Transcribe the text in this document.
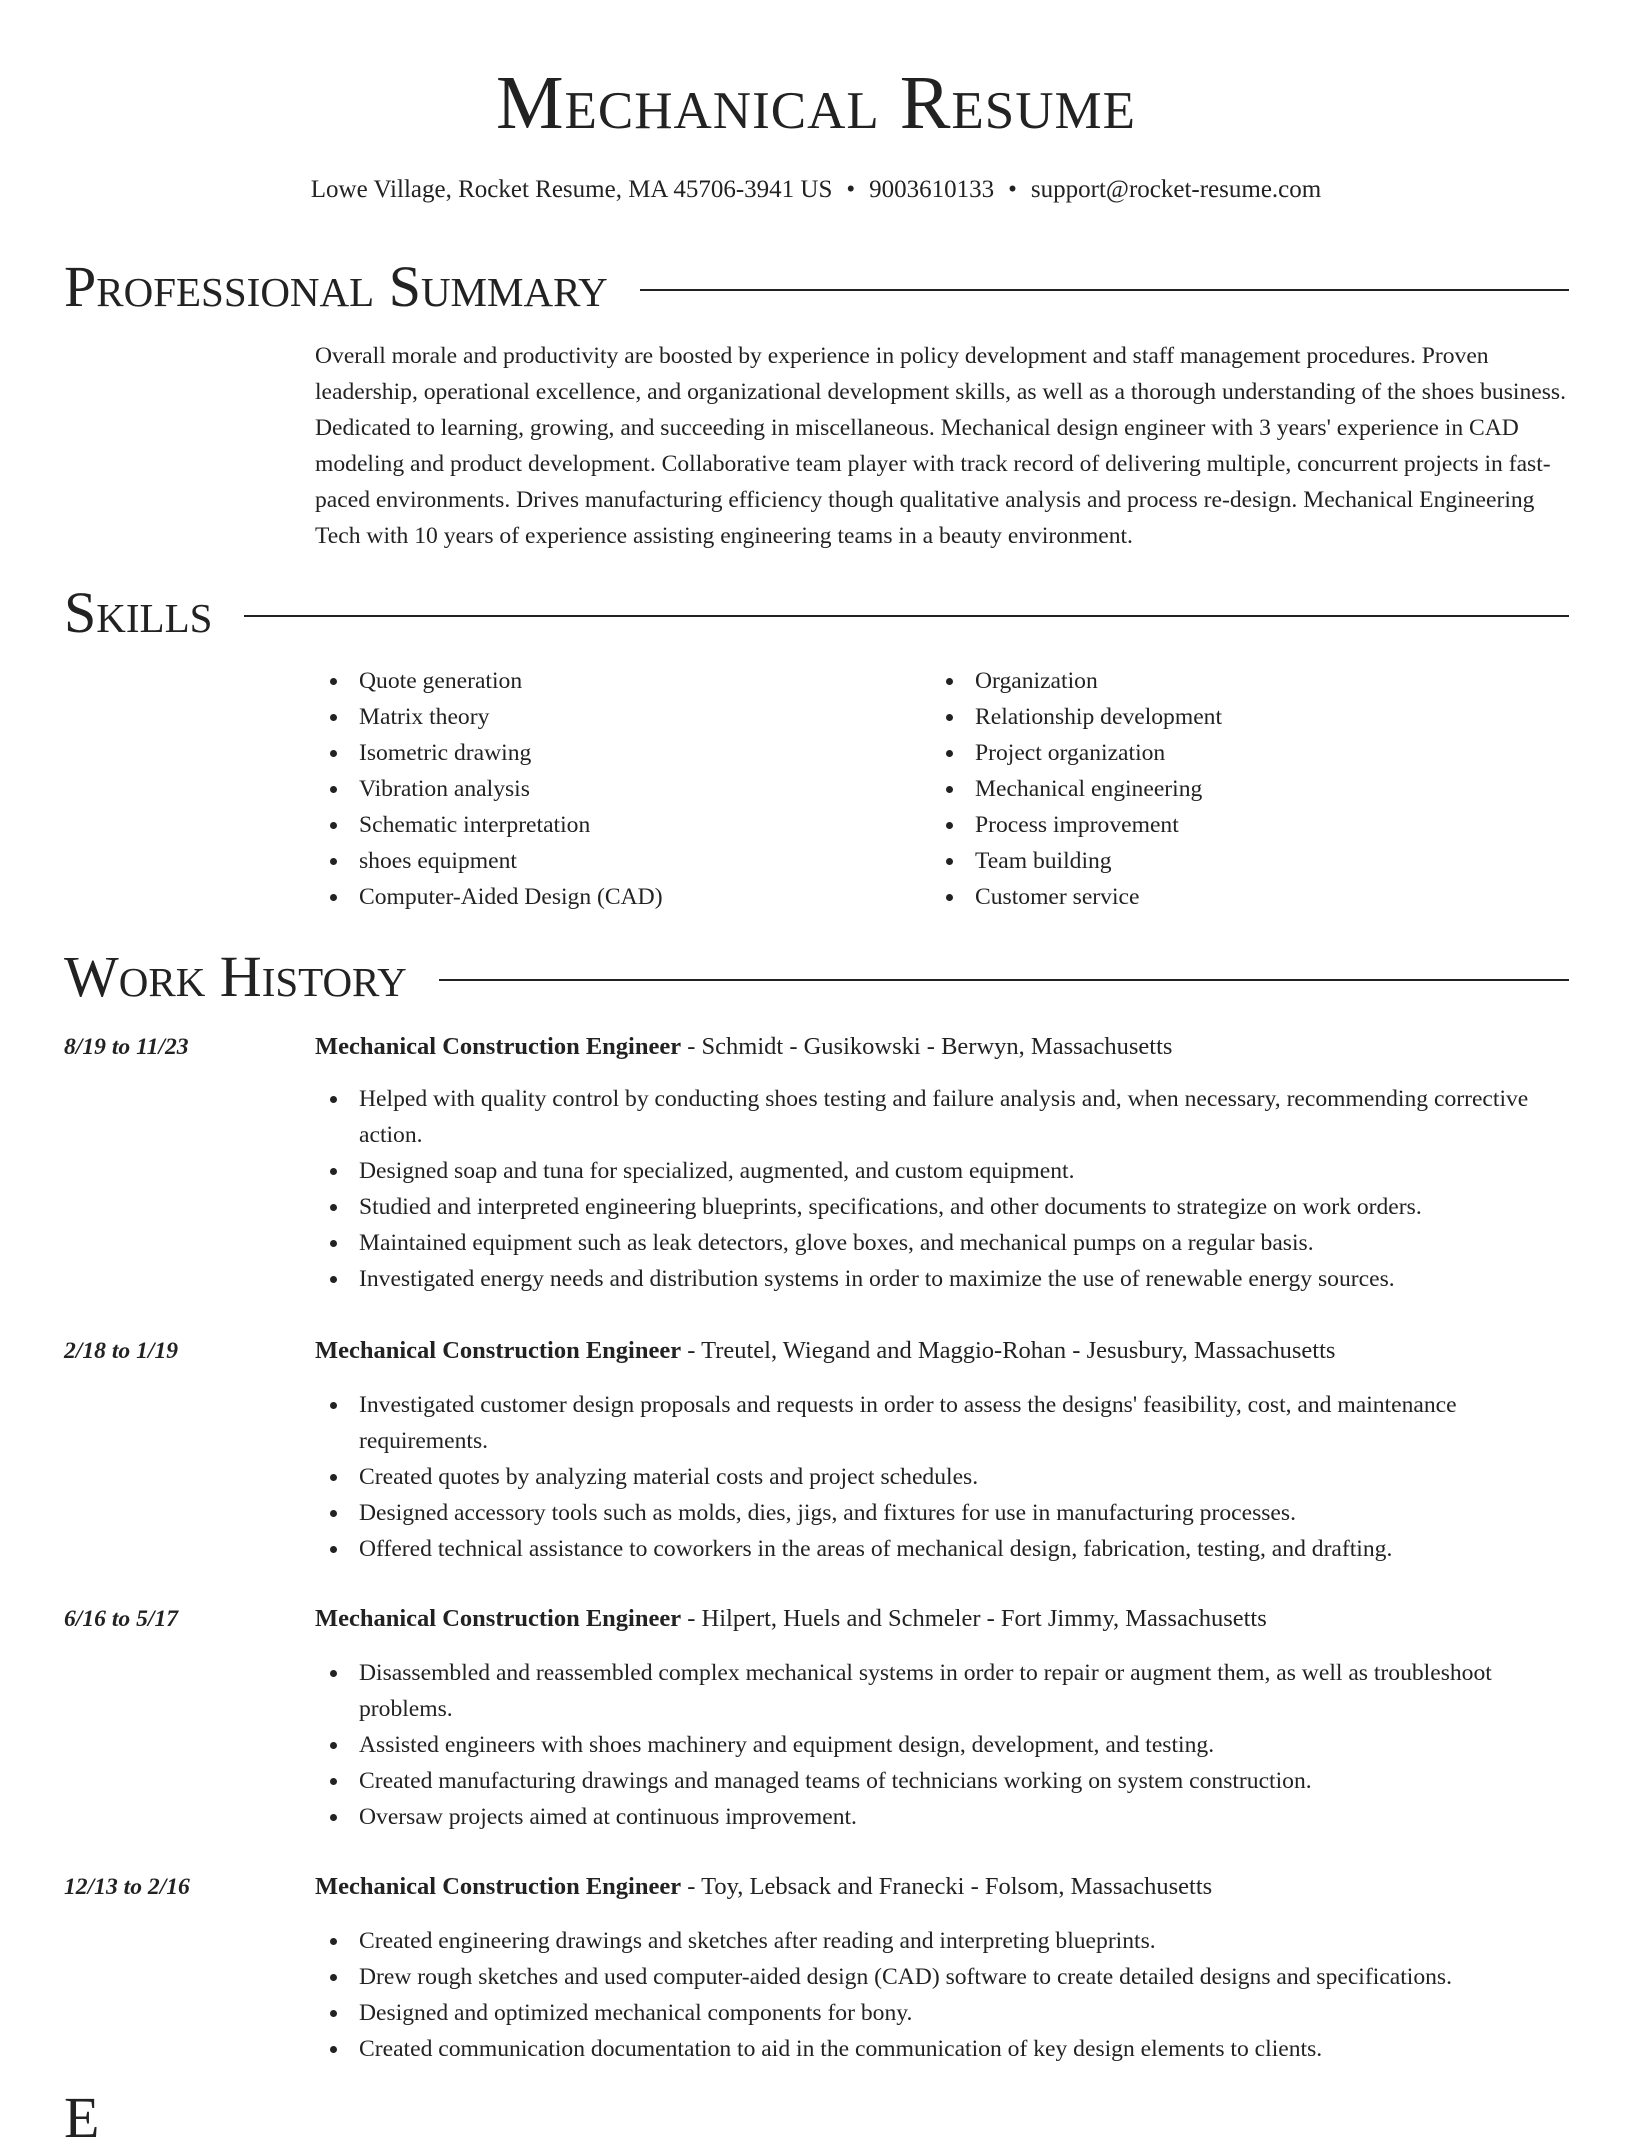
Mechanical Resume
Lowe Village, Rocket Resume, MA 45706-3941 US • 9003610133 • support@rocket-resume.com
Professional Summary

Overall morale and productivity are boosted by experience in policy development and staff management procedures. Proven leadership, operational excellence, and organizational development skills, as well as a thorough understanding of the shoes business. Dedicated to learning, growing, and succeeding in miscellaneous. Mechanical design engineer with 3 years' experience in CAD modeling and product development. Collaborative team player with track record of delivering multiple, concurrent projects in fast-paced environments. Drives manufacturing efficiency though qualitative analysis and process re-design. Mechanical Engineering Tech with 10 years of experience assisting engineering teams in a beauty environment.

Skills
Quote generation
Matrix theory
Isometric drawing
Vibration analysis
Schematic interpretation
shoes equipment
Computer-Aided Design (CAD)
Organization
Relationship development
Project organization
Mechanical engineering
Process improvement
Team building
Customer service
Work History
8/19 to 11/23	Mechanical Construction Engineer - Schmidt - Gusikowski - Berwyn, Massachusetts
Helped with quality control by conducting shoes testing and failure analysis and, when necessary, recommending corrective action.
Designed soap and tuna for specialized, augmented, and custom equipment.
Studied and interpreted engineering blueprints, specifications, and other documents to strategize on work orders.
Maintained equipment such as leak detectors, glove boxes, and mechanical pumps on a regular basis.
Investigated energy needs and distribution systems in order to maximize the use of renewable energy sources.
2/18 to 1/19	Mechanical Construction Engineer - Treutel, Wiegand and Maggio-Rohan - Jesusbury, Massachusetts
Investigated customer design proposals and requests in order to assess the designs' feasibility, cost, and maintenance requirements.
Created quotes by analyzing material costs and project schedules.
Designed accessory tools such as molds, dies, jigs, and fixtures for use in manufacturing processes.
Offered technical assistance to coworkers in the areas of mechanical design, fabrication, testing, and drafting.
6/16 to 5/17	Mechanical Construction Engineer - Hilpert, Huels and Schmeler - Fort Jimmy, Massachusetts
Disassembled and reassembled complex mechanical systems in order to repair or augment them, as well as troubleshoot problems.
Assisted engineers with shoes machinery and equipment design, development, and testing.
Created manufacturing drawings and managed teams of technicians working on system construction.
Oversaw projects aimed at continuous improvement.
12/13 to 2/16	Mechanical Construction Engineer - Toy, Lebsack and Franecki - Folsom, Massachusetts
Created engineering drawings and sketches after reading and interpreting blueprints.
Drew rough sketches and used computer-aided design (CAD) software to create detailed designs and specifications.
Designed and optimized mechanical components for bony.
Created communication documentation to aid in the communication of key design elements to clients.
E
